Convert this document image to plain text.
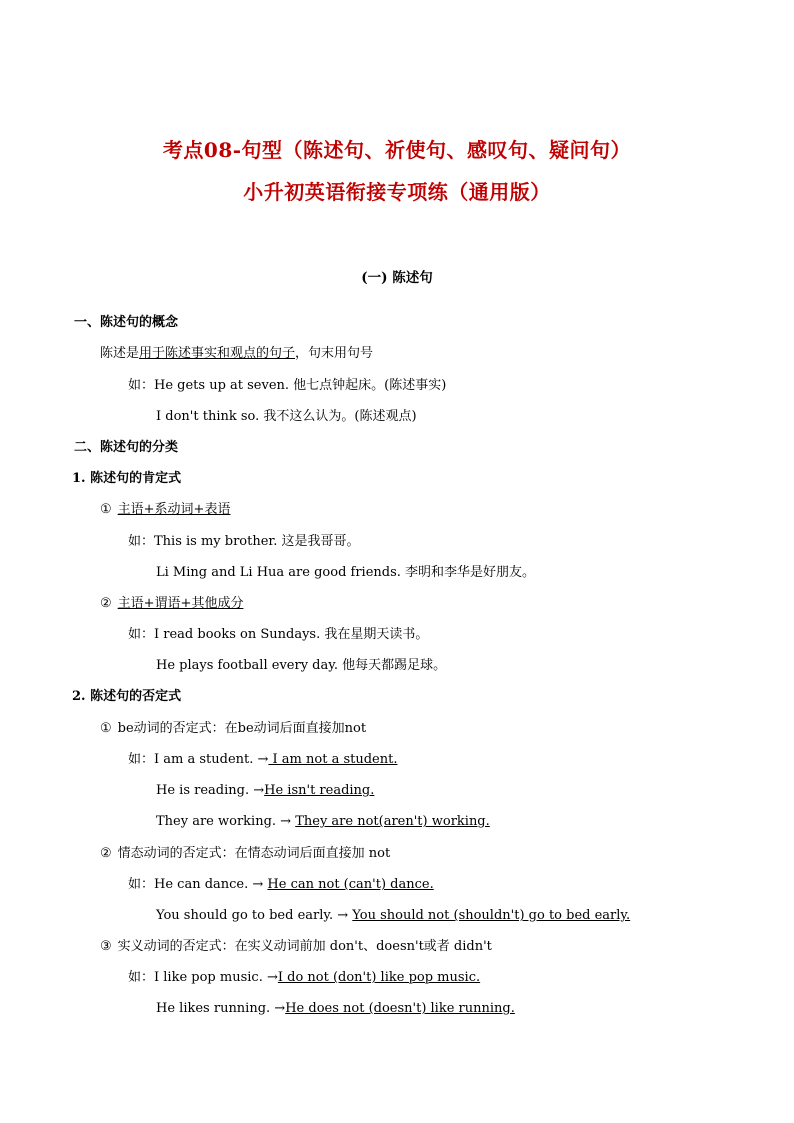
考点08-句型（陈述句、祈使句、感叹句、疑问句）
小升初英语衔接专项练（通用版）
(一) 陈述句
一、陈述句的概念
陈述是用于陈述事实和观点的句子，句末用句号
如：He gets up at seven. 他七点钟起床。(陈述事实)
I don't think so. 我不这么认为。(陈述观点)
二、陈述句的分类
1. 陈述句的肯定式
① 主语+系动词+表语
如：This is my brother. 这是我哥哥。
Li Ming and Li Hua are good friends. 李明和李华是好朋友。
② 主语+谓语+其他成分
如：I read books on Sundays. 我在星期天读书。
He plays football every day. 他每天都踢足球。
2. 陈述句的否定式
① be动词的否定式：在be动词后面直接加not
如：I am a student. → I am not a student.
He is reading. →He isn't reading.
They are working. → They are not(aren't) working.
② 情态动词的否定式：在情态动词后面直接加 not
如：He can dance. → He can not (can't) dance.
You should go to bed early. → You should not (shouldn't) go to bed early.
③ 实义动词的否定式：在实义动词前加 don't、doesn't或者 didn't
如：I like pop music. →I do not (don't) like pop music.
He likes running. →He does not (doesn't) like running.
